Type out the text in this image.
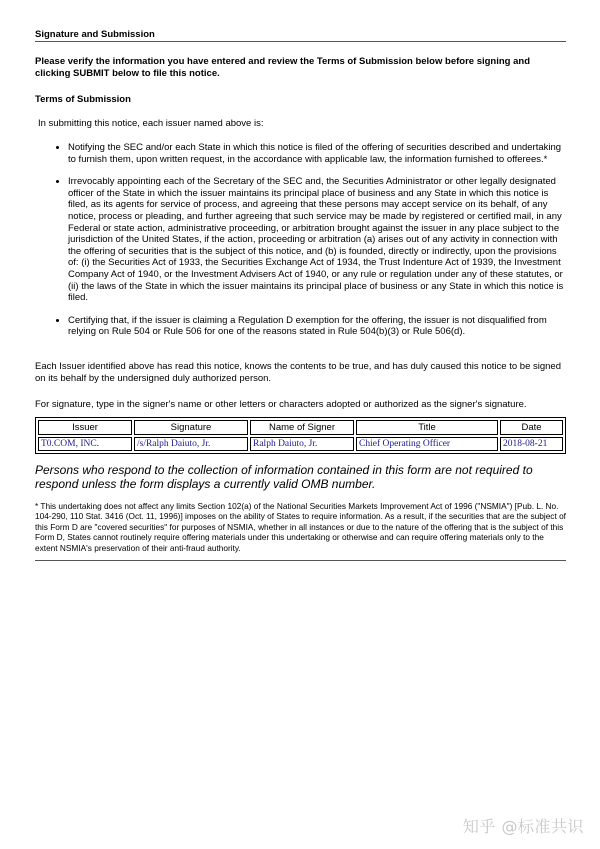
Signature and Submission
Please verify the information you have entered and review the Terms of Submission below before signing and clicking SUBMIT below to file this notice.
Terms of Submission
In submitting this notice, each issuer named above is:
• Notifying the SEC and/or each State in which this notice is filed of the offering of securities described and undertaking to furnish them, upon written request, in the accordance with applicable law, the information furnished to offerees.*
• Irrevocably appointing each of the Secretary of the SEC and, the Securities Administrator or other legally designated officer of the State in which the issuer maintains its principal place of business and any State in which this notice is filed, as its agents for service of process, and agreeing that these persons may accept service on its behalf, of any notice, process or pleading, and further agreeing that such service may be made by registered or certified mail, in any Federal or state action, administrative proceeding, or arbitration brought against the issuer in any place subject to the jurisdiction of the United States, if the action, proceeding or arbitration (a) arises out of any activity in connection with the offering of securities that is the subject of this notice, and (b) is founded, directly or indirectly, upon the provisions of: (i) the Securities Act of 1933, the Securities Exchange Act of 1934, the Trust Indenture Act of 1939, the Investment Company Act of 1940, or the Investment Advisers Act of 1940, or any rule or regulation under any of these statutes, or (ii) the laws of the State in which the issuer maintains its principal place of business or any State in which this notice is filed.
• Certifying that, if the issuer is claiming a Regulation D exemption for the offering, the issuer is not disqualified from relying on Rule 504 or Rule 506 for one of the reasons stated in Rule 504(b)(3) or Rule 506(d).
Each Issuer identified above has read this notice, knows the contents to be true, and has duly caused this notice to be signed on its behalf by the undersigned duly authorized person.
For signature, type in the signer's name or other letters or characters adopted or authorized as the signer's signature.
Issuer	Signature	Name of Signer	Title	Date
T0.COM, INC.	/s/Ralph Daiuto, Jr.	Ralph Daiuto, Jr.	Chief Operating Officer	2018-08-21
Persons who respond to the collection of information contained in this form are not required to respond unless the form displays a currently valid OMB number.
* This undertaking does not affect any limits Section 102(a) of the National Securities Markets Improvement Act of 1996 ("NSMIA") [Pub. L. No. 104-290, 110 Stat. 3416 (Oct. 11, 1996)] imposes on the ability of States to require information. As a result, if the securities that are the subject of this Form D are "covered securities" for purposes of NSMIA, whether in all instances or due to the nature of the offering that is the subject of this Form D, States cannot routinely require offering materials under this undertaking or otherwise and can require offering materials only to the extent NSMIA's preservation of their anti-fraud authority.
知乎 @标准共识
